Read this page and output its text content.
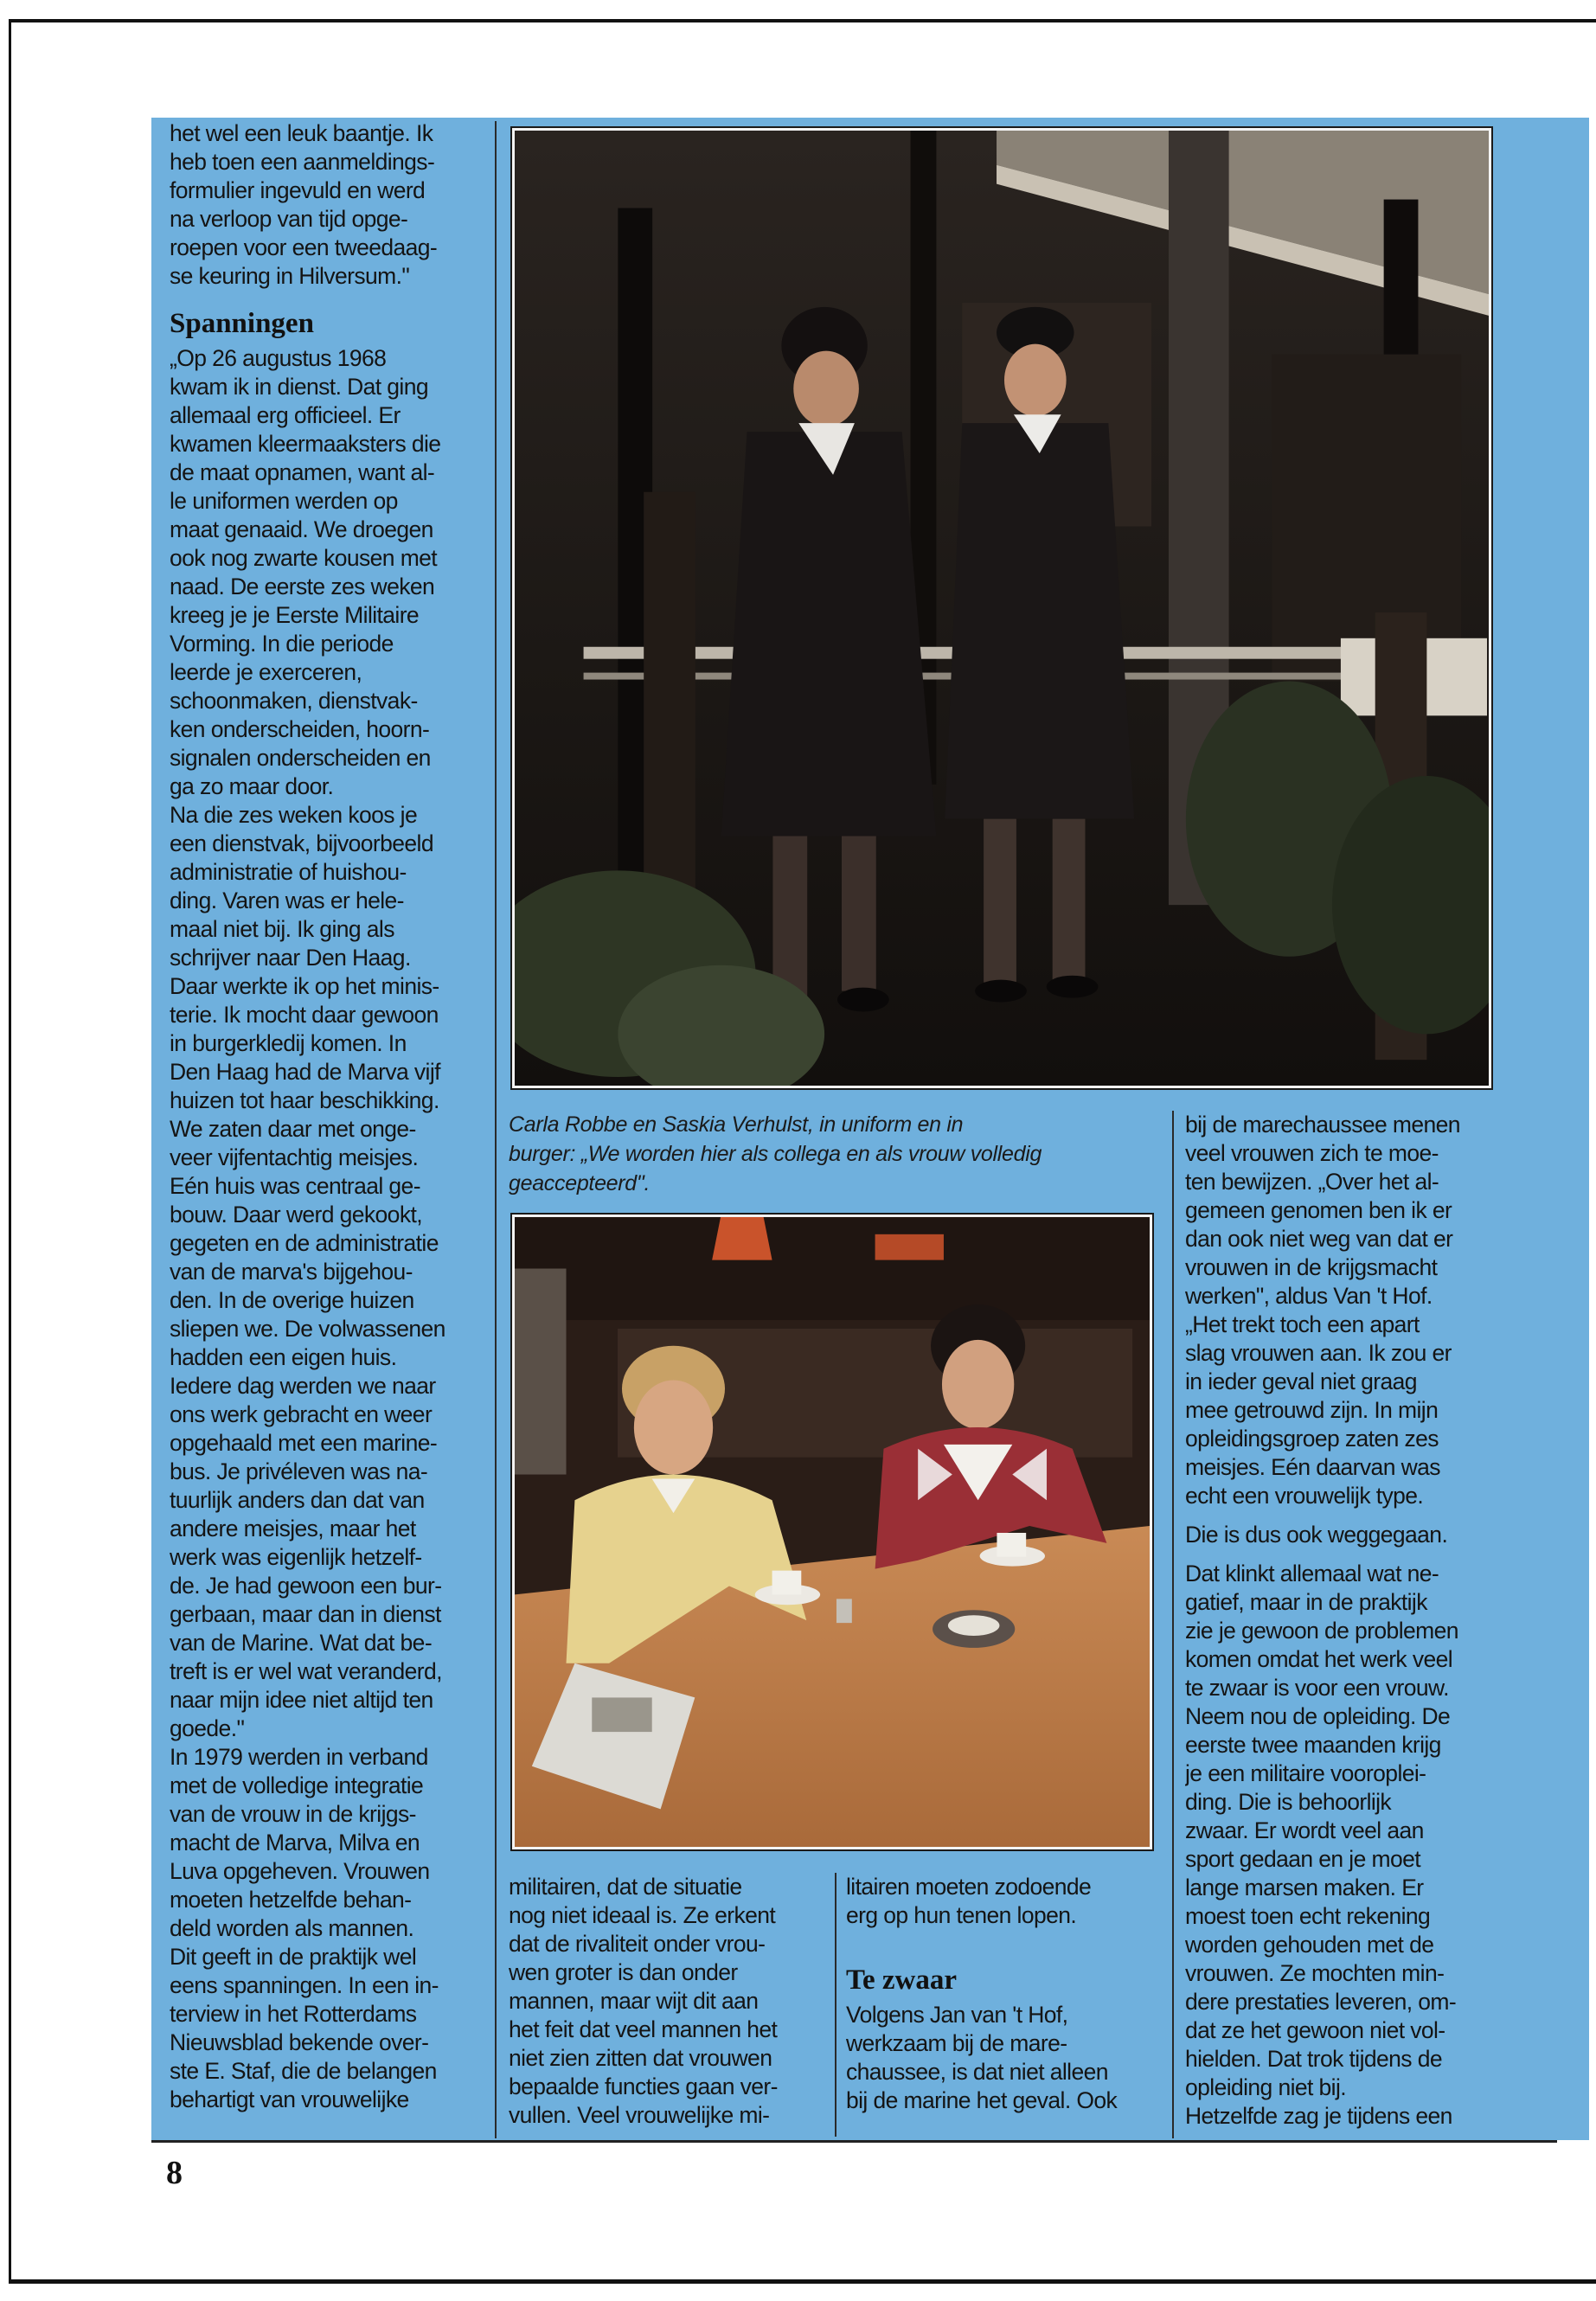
het wel een leuk baantje. Ik
heb toen een aanmeldings-
formulier ingevuld en werd
na verloop van tijd opge-
roepen voor een tweedaag-
se keuring in Hilversum."
Spanningen
„Op 26 augustus 1968
kwam ik in dienst. Dat ging
allemaal erg officieel. Er
kwamen kleermaaksters die
de maat opnamen, want al-
le uniformen werden op
maat genaaid. We droegen
ook nog zwarte kousen met
naad. De eerste zes weken
kreeg je je Eerste Militaire
Vorming. In die periode
leerde je exerceren,
schoonmaken, dienstvak-
ken onderscheiden, hoorn-
signalen onderscheiden en
ga zo maar door.
Na die zes weken koos je
een dienstvak, bijvoorbeeld
administratie of huishou-
ding. Varen was er hele-
maal niet bij. Ik ging als
schrijver naar Den Haag.
Daar werkte ik op het minis-
terie. Ik mocht daar gewoon
in burgerkledij komen. In
Den Haag had de Marva vijf
huizen tot haar beschikking.
We zaten daar met onge-
veer vijfentachtig meisjes.
Eén huis was centraal ge-
bouw. Daar werd gekookt,
gegeten en de administratie
van de marva's bijgehou-
den. In de overige huizen
sliepen we. De volwassenen
hadden een eigen huis.
Iedere dag werden we naar
ons werk gebracht en weer
opgehaald met een marine-
bus. Je privéleven was na-
tuurlijk anders dan dat van
andere meisjes, maar het
werk was eigenlijk hetzelf-
de. Je had gewoon een bur-
gerbaan, maar dan in dienst
van de Marine. Wat dat be-
treft is er wel wat veranderd,
naar mijn idee niet altijd ten
goede."
In 1979 werden in verband
met de volledige integratie
van de vrouw in de krijgs-
macht de Marva, Milva en
Luva opgeheven. Vrouwen
moeten hetzelfde behan-
deld worden als mannen.
Dit geeft in de praktijk wel
eens spanningen. In een in-
terview in het Rotterdams
Nieuwsblad bekende over-
ste E. Staf, die de belangen
behartigt van vrouwelijke
Carla Robbe en Saskia Verhulst, in uniform en in
burger: „We worden hier als collega en als vrouw volledig
geaccepteerd".
militairen, dat de situatie
nog niet ideaal is. Ze erkent
dat de rivaliteit onder vrou-
wen groter is dan onder
mannen, maar wijt dit aan
het feit dat veel mannen het
niet zien zitten dat vrouwen
bepaalde functies gaan ver-
vullen. Veel vrouwelijke mi-
litairen moeten zodoende
erg op hun tenen lopen.
Te zwaar
Volgens Jan van 't Hof,
werkzaam bij de mare-
chaussee, is dat niet alleen
bij de marine het geval. Ook
bij de marechaussee menen
veel vrouwen zich te moe-
ten bewijzen. „Over het al-
gemeen genomen ben ik er
dan ook niet weg van dat er
vrouwen in de krijgsmacht
werken", aldus Van 't Hof.
„Het trekt toch een apart
slag vrouwen aan. Ik zou er
in ieder geval niet graag
mee getrouwd zijn. In mijn
opleidingsgroep zaten zes
meisjes. Eén daarvan was
echt een vrouwelijk type.
Die is dus ook weggegaan.
Dat klinkt allemaal wat ne-
gatief, maar in de praktijk
zie je gewoon de problemen
komen omdat het werk veel
te zwaar is voor een vrouw.
Neem nou de opleiding. De
eerste twee maanden krijg
je een militaire vooroplei-
ding. Die is behoorlijk
zwaar. Er wordt veel aan
sport gedaan en je moet
lange marsen maken. Er
moest toen echt rekening
worden gehouden met de
vrouwen. Ze mochten min-
dere prestaties leveren, om-
dat ze het gewoon niet vol-
hielden. Dat trok tijdens de
opleiding niet bij.
Hetzelfde zag je tijdens een
8
